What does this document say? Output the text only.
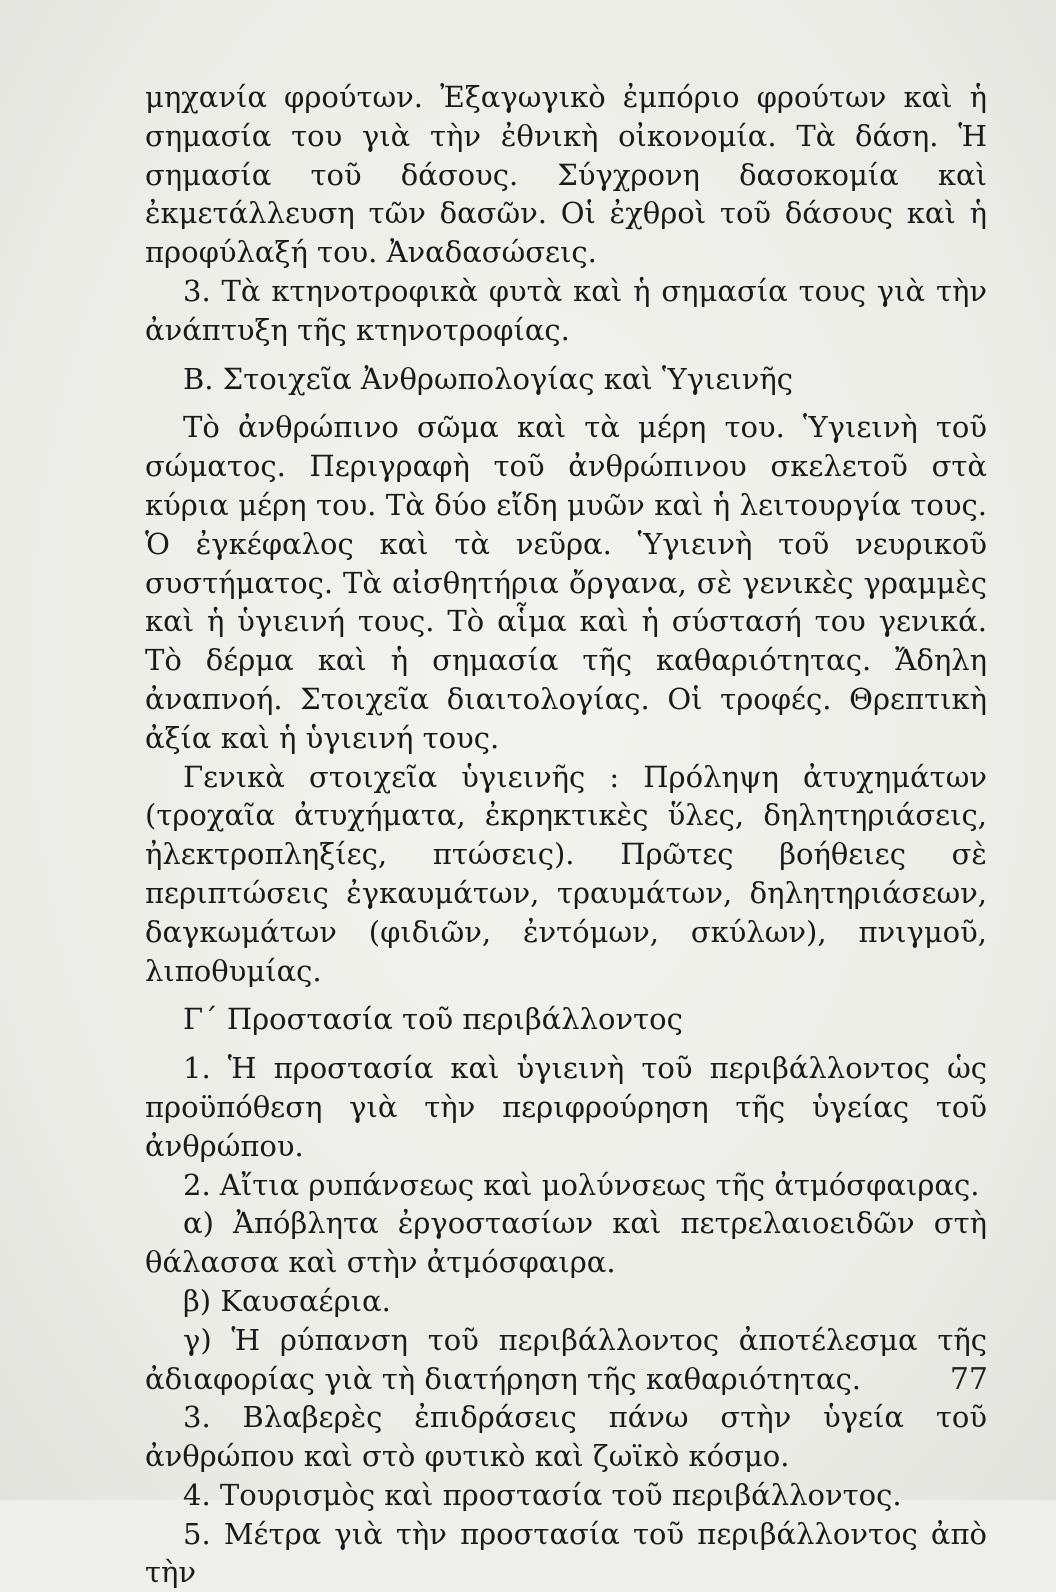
μηχανία φρούτων. Ἐξαγωγικὸ ἐμπόριο φρούτων καὶ ἡ σημασία του γιὰ τὴν ἐθνικὴ οἰκονομία. Τὰ δάση. Ἡ σημασία τοῦ δάσους. Σύγχρονη δασοκομία καὶ ἐκμετάλλευση τῶν δασῶν. Οἱ ἐχθροὶ τοῦ δάσους καὶ ἡ προφύλαξή του. Ἀναδασώσεις.

3. Τὰ κτηνοτροφικὰ φυτὰ καὶ ἡ σημασία τους γιὰ τὴν ἀνάπτυξη τῆς κτηνοτροφίας.

Β. Στοιχεῖα Ἀνθρωπολογίας καὶ Ὑγιεινῆς

Τὸ ἀνθρώπινο σῶμα καὶ τὰ μέρη του. Ὑγιεινὴ τοῦ σώματος. Περιγραφὴ τοῦ ἀνθρώπινου σκελετοῦ στὰ κύρια μέρη του. Τὰ δύο εἴδη μυῶν καὶ ἡ λειτουργία τους. Ὁ ἐγκέφαλος καὶ τὰ νεῦρα. Ὑγιεινὴ τοῦ νευρικοῦ συστήματος. Τὰ αἰσθητήρια ὄργανα, σὲ γενικὲς γραμμὲς καὶ ἡ ὑγιεινή τους. Τὸ αἷμα καὶ ἡ σύστασή του γενικά. Τὸ δέρμα καὶ ἡ σημασία τῆς καθαριότητας. Ἄδηλη ἀναπνοή. Στοιχεῖα διαιτολογίας. Οἱ τροφές. Θρεπτικὴ ἀξία καὶ ἡ ὑγιεινή τους.

Γενικὰ στοιχεῖα ὑγιεινῆς : Πρόληψη ἀτυχημάτων (τροχαῖα ἀτυχήματα, ἐκρηκτικὲς ὕλες, δηλητηριάσεις, ἠλεκτροπληξίες, πτώσεις). Πρῶτες βοήθειες σὲ περιπτώσεις ἐγκαυμάτων, τραυμάτων, δηλητηριάσεων, δαγκωμάτων (φιδιῶν, ἐντόμων, σκύλων), πνιγμοῦ, λιποθυμίας.

Γ΄ Προστασία τοῦ περιβάλλοντος

1. Ἡ προστασία καὶ ὑγιεινὴ τοῦ περιβάλλοντος ὡς προϋπόθεση γιὰ τὴν περιφρούρηση τῆς ὑγείας τοῦ ἀνθρώπου.

2. Αἴτια ρυπάνσεως καὶ μολύνσεως τῆς ἀτμόσφαιρας.

α) Ἀπόβλητα ἐργοστασίων καὶ πετρελαιοειδῶν στὴ θάλασσα καὶ στὴν ἀτμόσφαιρα.

β) Καυσαέρια.

γ) Ἡ ρύπανση τοῦ περιβάλλοντος ἀποτέλεσμα τῆς ἀδιαφορίας γιὰ τὴ διατήρηση τῆς καθαριότητας.

3. Βλαβερὲς ἐπιδράσεις πάνω στὴν ὑγεία τοῦ ἀνθρώπου καὶ στὸ φυτικὸ καὶ ζωϊκὸ κόσμο.

4. Τουρισμὸς καὶ προστασία τοῦ περιβάλλοντος.

5. Μέτρα γιὰ τὴν προστασία τοῦ περιβάλλοντος ἀπὸ τὴν

77
